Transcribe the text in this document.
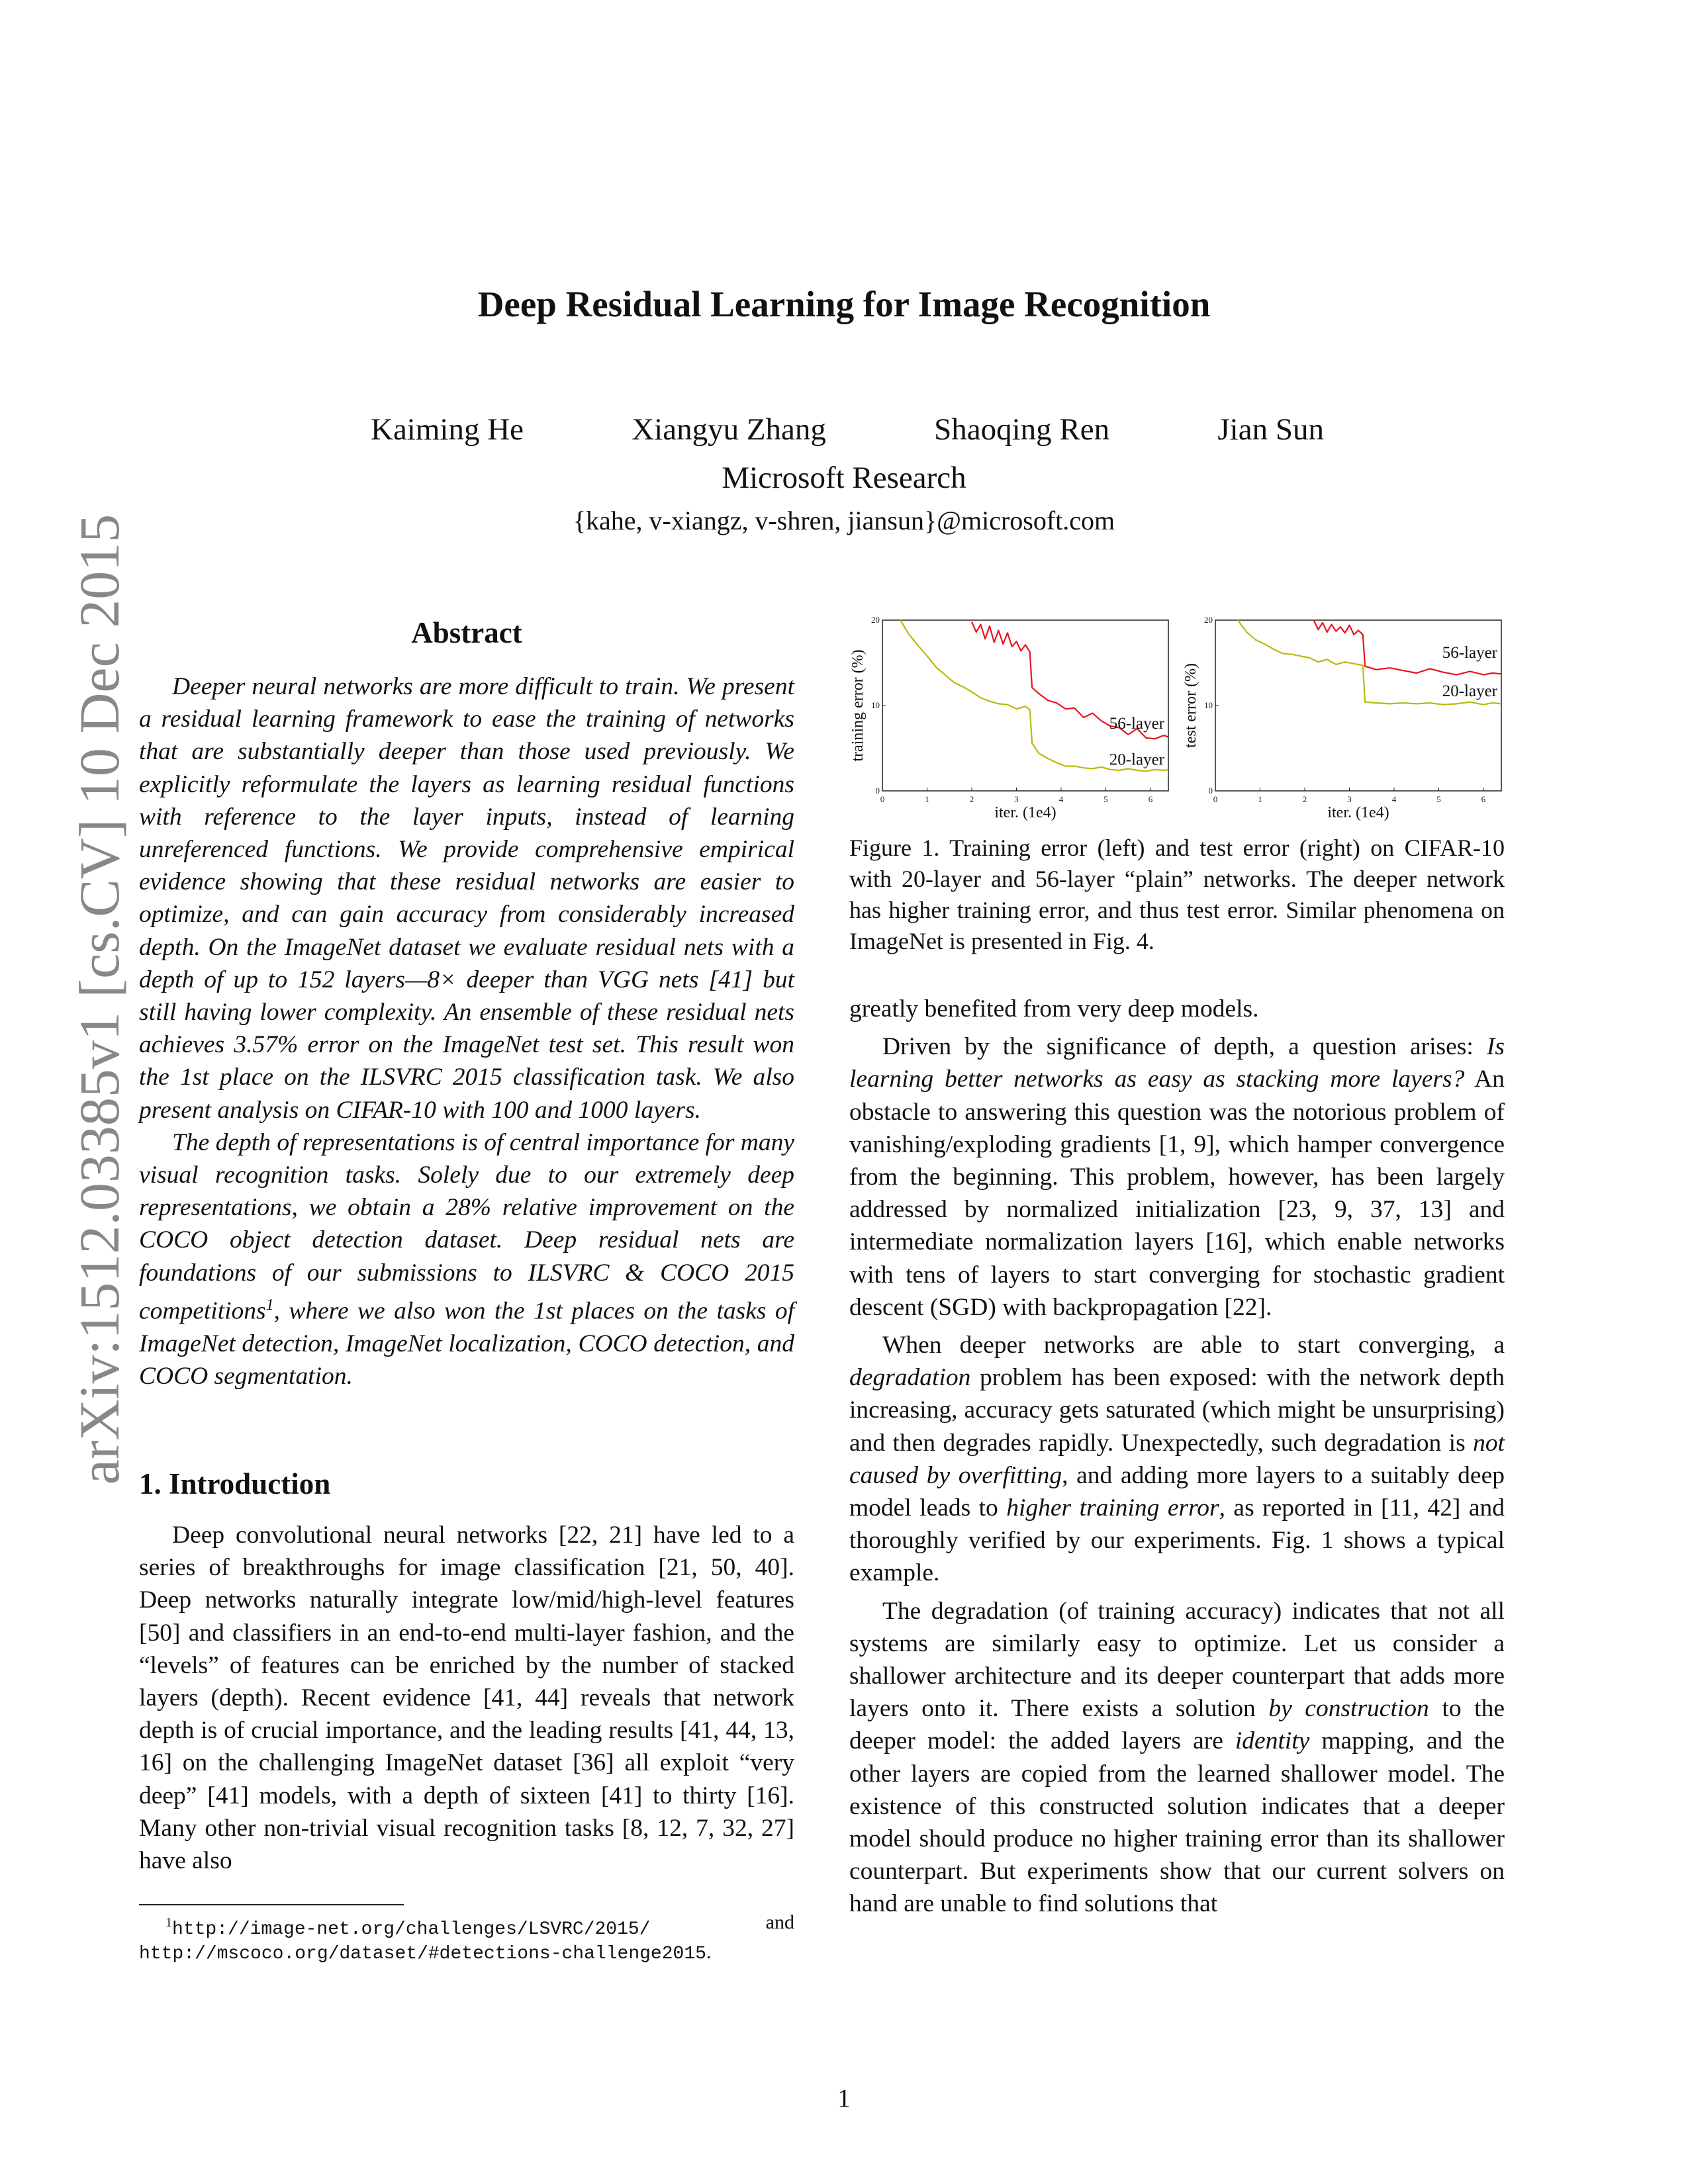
Deep Residual Learning for Image Recognition
Kaiming He	Xiangyu Zhang	Shaoqing Ren	Jian Sun
Microsoft Research
{kahe, v-xiangz, v-shren, jiansun}@microsoft.com
arXiv:1512.03385v1 [cs.CV] 10 Dec 2015	Abstract

Deeper neural networks are more difficult to train. We present a residual learning framework to ease the training of networks that are substantially deeper than those used previously. We explicitly reformulate the layers as learning residual functions with reference to the layer inputs, instead of learning unreferenced functions. We provide comprehensive empirical evidence showing that these residual networks are easier to optimize, and can gain accuracy from considerably increased depth. On the ImageNet dataset we evaluate residual nets with a depth of up to 152 layers—8× deeper than VGG nets [41] but still having lower complexity. An ensemble of these residual nets achieves 3.57% error on the ImageNet test set. This result won the 1st place on the ILSVRC 2015 classification task. We also present analysis on CIFAR-10 with 100 and 1000 layers.

The depth of representations is of central importance for many visual recognition tasks. Solely due to our extremely deep representations, we obtain a 28% relative improvement on the COCO object detection dataset. Deep residual nets are foundations of our submissions to ILSVRC & COCO 2015 competitions$^1$, where we also won the 1st places on the tasks of ImageNet detection, ImageNet localization, COCO detection, and COCO segmentation.

1. Introduction

Deep convolutional neural networks [22, 21] have led to a series of breakthroughs for image classification [21, 50, 40]. Deep networks naturally integrate low/mid/high-level features [50] and classifiers in an end-to-end multi-layer fashion, and the “levels” of features can be enriched by the number of stacked layers (depth). Recent evidence [41, 44] reveals that network depth is of crucial importance, and the leading results [41, 44, 13, 16] on the challenging ImageNet dataset [36] all exploit “very deep” [41] models, with a depth of sixteen [41] to thirty [16]. Many other non-trivial visual recognition tasks [8, 12, 7, 32, 27] have also

$^1$http://image-net.org/challenges/LSVRC/2015/	and
http://mscoco.org/dataset/#detections-challenge2015.
0	1	2	3	4	5	6
0
10
20
iter. (1e4)
training error (%)	56-layer
20-layer
0	1	2	3	4	5	6
0
10
20
iter. (1e4)
test error (%)
56-layer
20-layer
Figure 1. Training error (left) and test error (right) on CIFAR-10 with 20-layer and 56-layer “plain” networks. The deeper network has higher training error, and thus test error. Similar phenomena on ImageNet is presented in Fig. 4.

greatly benefited from very deep models.

Driven by the significance of depth, a question arises: Is learning better networks as easy as stacking more layers? An obstacle to answering this question was the notorious problem of vanishing/exploding gradients [1, 9], which hamper convergence from the beginning. This problem, however, has been largely addressed by normalized initialization [23, 9, 37, 13] and intermediate normalization layers [16], which enable networks with tens of layers to start converging for stochastic gradient descent (SGD) with backpropagation [22].

When deeper networks are able to start converging, a degradation problem has been exposed: with the network depth increasing, accuracy gets saturated (which might be unsurprising) and then degrades rapidly. Unexpectedly, such degradation is not caused by overfitting, and adding more layers to a suitably deep model leads to higher training error, as reported in [11, 42] and thoroughly verified by our experiments. Fig. 1 shows a typical example.

The degradation (of training accuracy) indicates that not all systems are similarly easy to optimize. Let us consider a shallower architecture and its deeper counterpart that adds more layers onto it. There exists a solution by construction to the deeper model: the added layers are identity mapping, and the other layers are copied from the learned shallower model. The existence of this constructed solution indicates that a deeper model should produce no higher training error than its shallower counterpart. But experiments show that our current solvers on hand are unable to find solutions that

1
